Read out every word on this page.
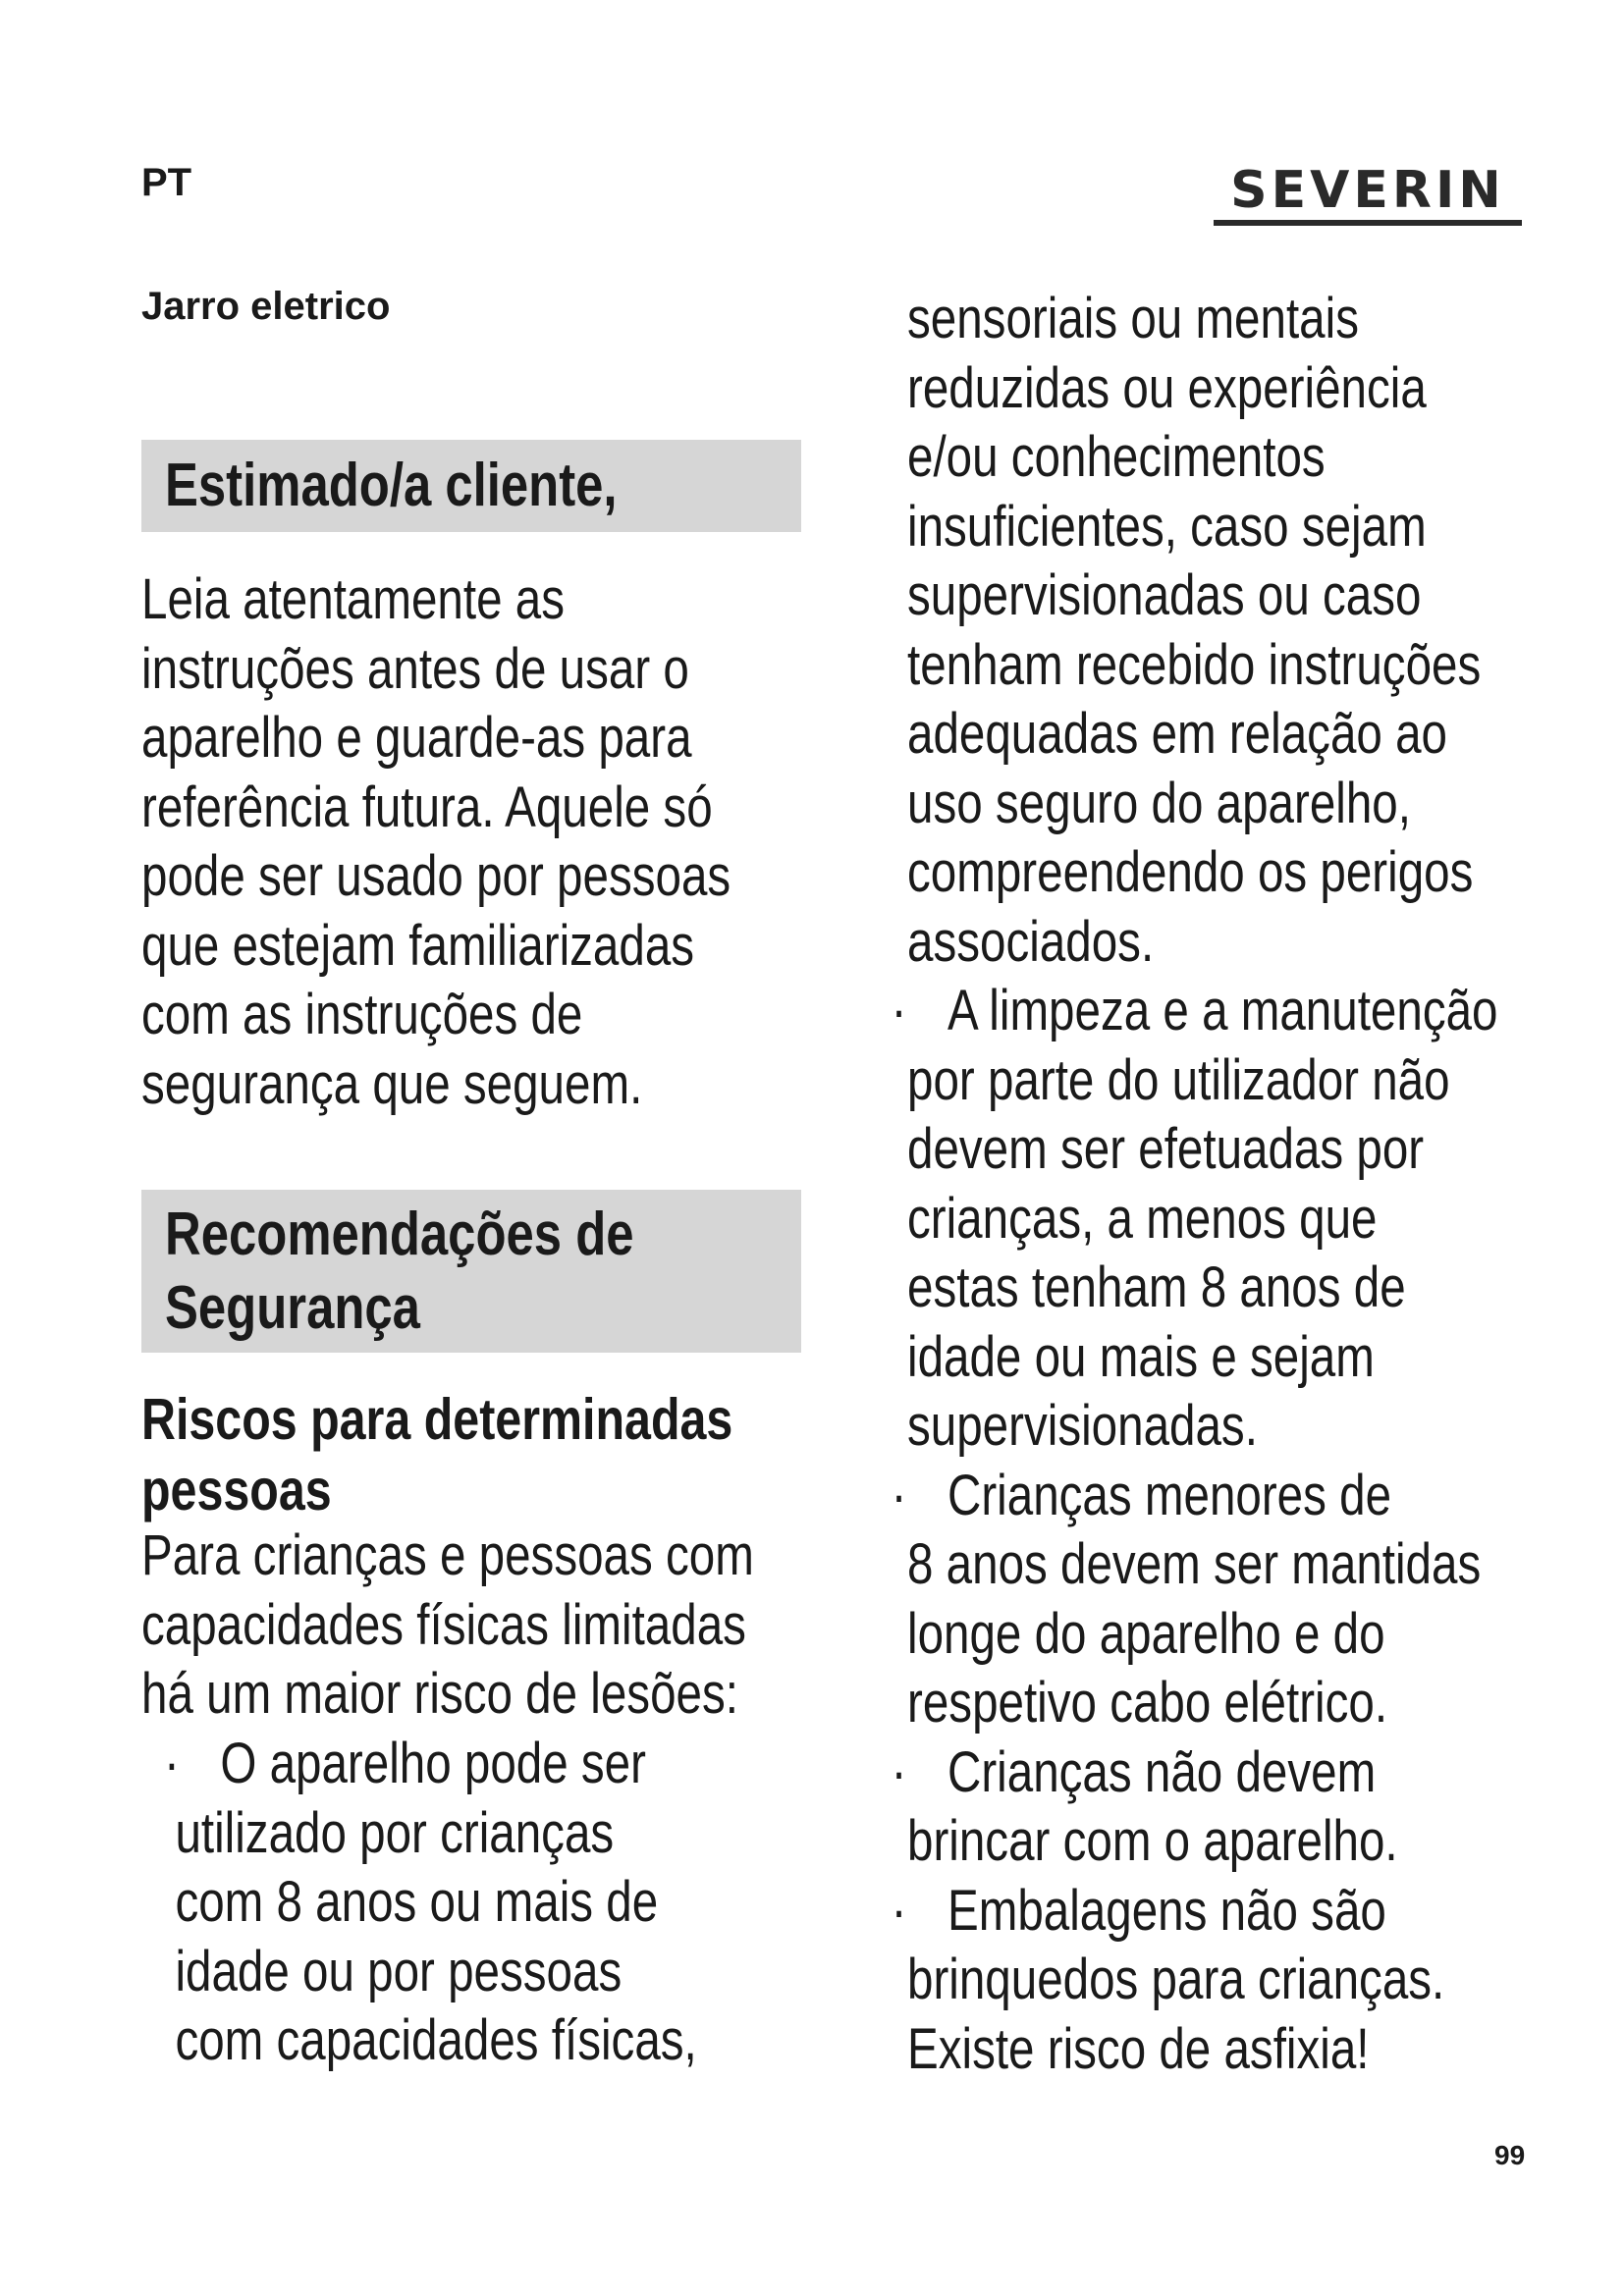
PT	SEVERIN
Jarro eletrico
Estimado/a cliente,
Leia atentamente as
instruções antes de usar o
aparelho e guarde-as para
referência futura. Aquele só
pode ser usado por pessoas
que estejam familiarizadas
com as instruções de
segurança que seguem.
Recomendações de
Segurança
Riscos para determinadas
pessoas
Para crianças e pessoas com
capacidades físicas limitadas
há um maior risco de lesões:
· O aparelho pode ser
utilizado por crianças
com 8 anos ou mais de
idade ou por pessoas
com capacidades físicas,
sensoriais ou mentais
reduzidas ou experiência
e/ou conhecimentos
insuficientes, caso sejam
supervisionadas ou caso
tenham recebido instruções
adequadas em relação ao
uso seguro do aparelho,
compreendendo os perigos
associados.
· A limpeza e a manutenção
por parte do utilizador não
devem ser efetuadas por
crianças, a menos que
estas tenham 8 anos de
idade ou mais e sejam
supervisionadas.
· Crianças menores de
8 anos devem ser mantidas
longe do aparelho e do
respetivo cabo elétrico.
· Crianças não devem
brincar com o aparelho.
· Embalagens não são
brinquedos para crianças.
Existe risco de asfixia!
99
